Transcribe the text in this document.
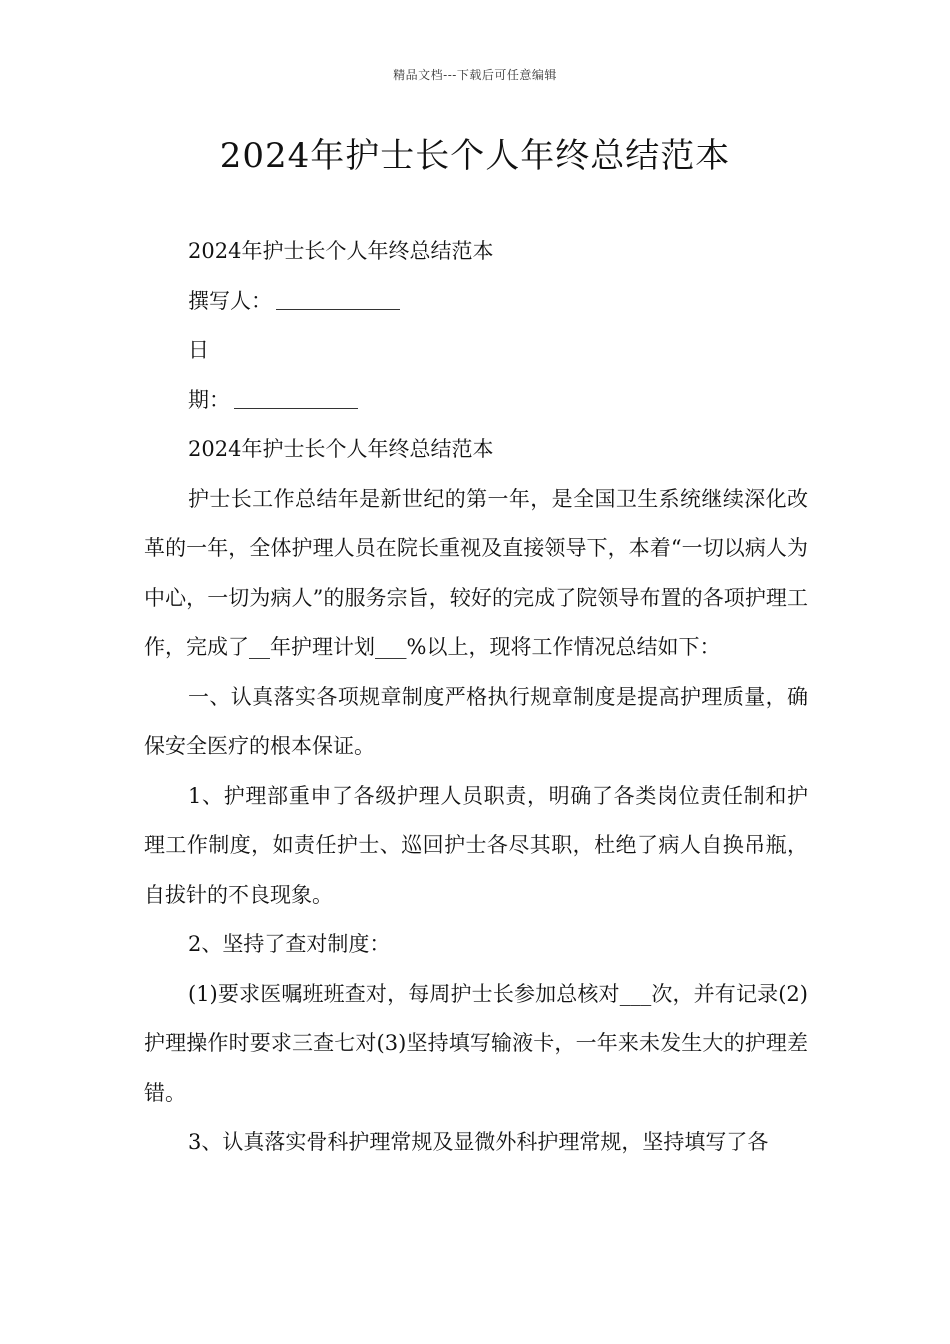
精品文档---下载后可任意编辑
2024年护士长个人年终总结范本

2024年护士长个人年终总结范本

撰写人：

日

期：

2024年护士长个人年终总结范本

护士长工作总结年是新世纪的第一年，是全国卫生系统继续深化改革的一年，全体护理人员在院长重视及直接领导下，本着“一切以病人为中心，一切为病人”的服务宗旨，较好的完成了院领导布置的各项护理工作，完成了__年护理计划___%以上，现将工作情况总结如下：

一、认真落实各项规章制度严格执行规章制度是提高护理质量，确保安全医疗的根本保证。

1、护理部重申了各级护理人员职责，明确了各类岗位责任制和护理工作制度，如责任护士、巡回护士各尽其职，杜绝了病人自换吊瓶，自拔针的不良现象。

2、坚持了查对制度：

(1)要求医嘱班班查对，每周护士长参加总核对___次，并有记录(2)护理操作时要求三查七对(3)坚持填写输液卡，一年来未发生大的护理差错。

3、认真落实骨科护理常规及显微外科护理常规，坚持填写了各
